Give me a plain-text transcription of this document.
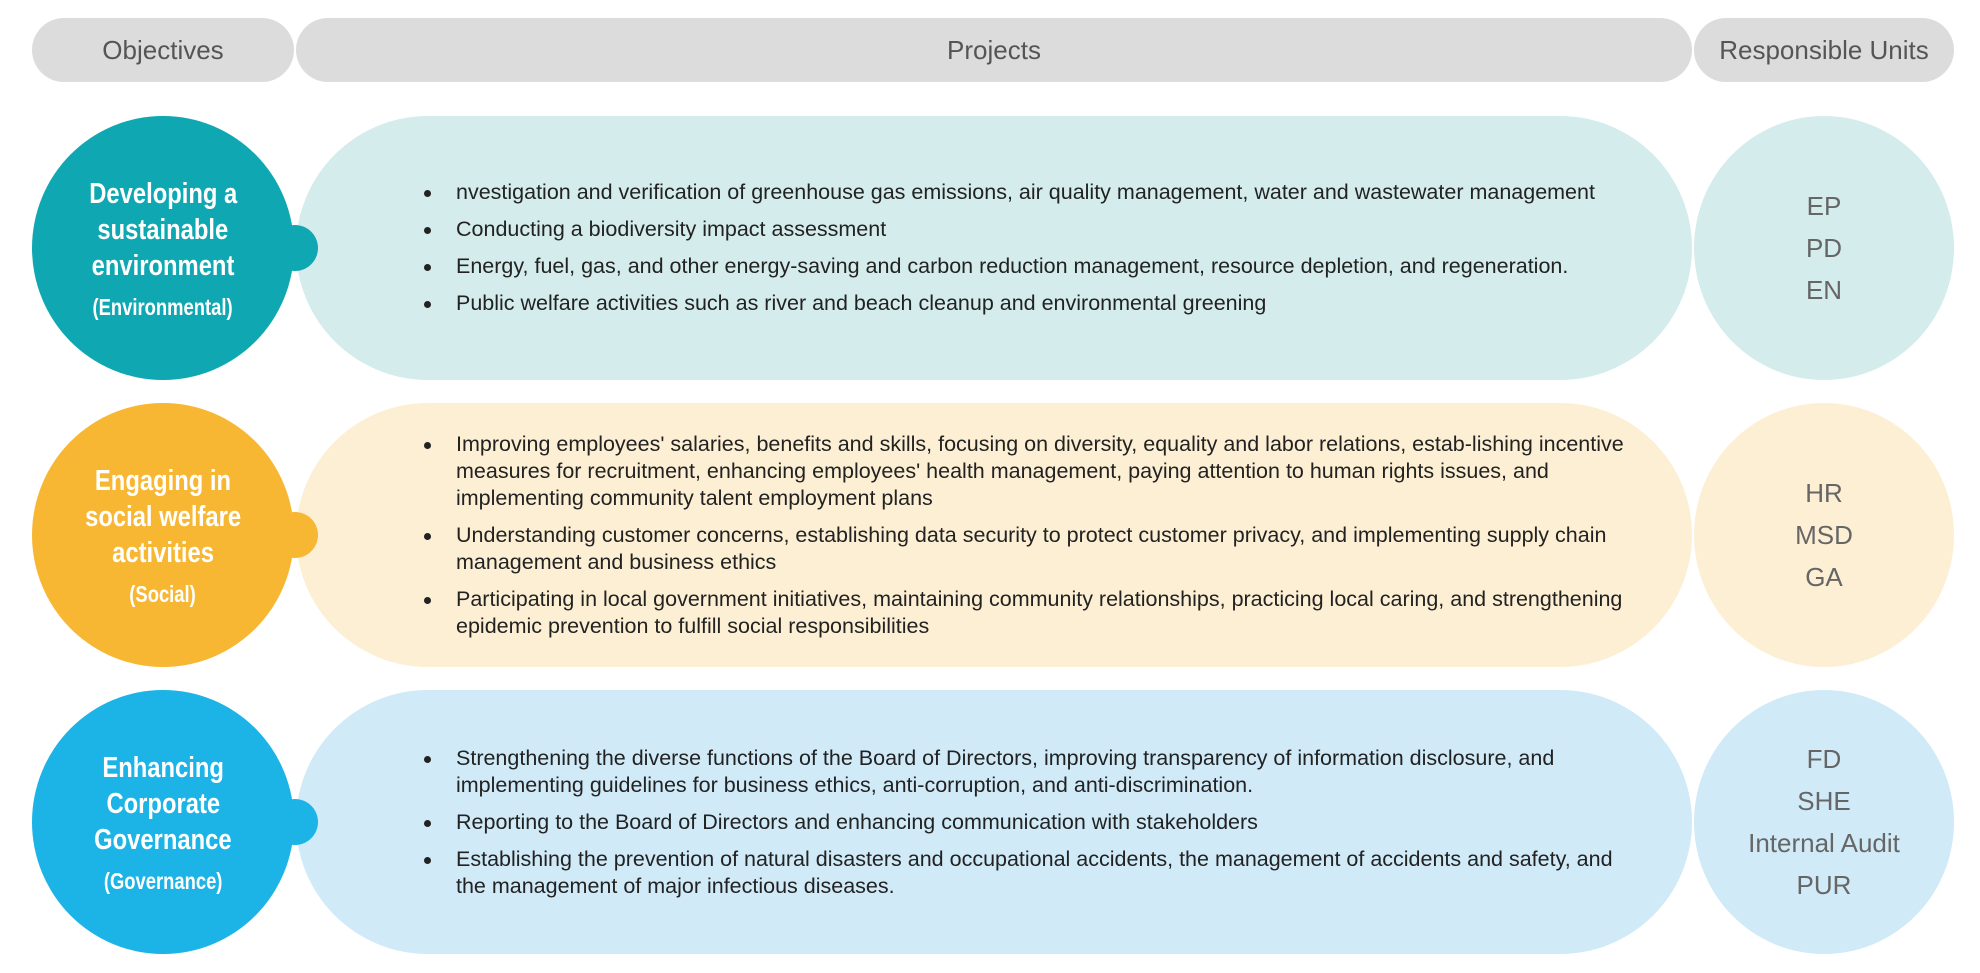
Objectives	Projects	Responsible Units
Developing a
sustainable
environment
(Environmental)
nvestigation and verification of greenhouse gas emissions, air quality management, water and wastewater management
Conducting a biodiversity impact assessment
Energy, fuel, gas, and other energy-saving and carbon reduction management, resource depletion, and regeneration.
Public welfare activities such as river and beach cleanup and environmental greening
EP
PD
EN
Engaging in
social welfare
activities
(Social)
Improving employees' salaries, benefits and skills, focusing on diversity, equality and labor relations, estab-lishing incentive measures for recruitment, enhancing employees' health management, paying attention to human rights issues, and implementing community talent employment plans
Understanding customer concerns, establishing data security to protect customer privacy, and implementing supply chain management and business ethics
Participating in local government initiatives, maintaining community relationships, practicing local caring, and strengthening epidemic prevention to fulfill social responsibilities
HR
MSD
GA
Enhancing
Corporate
Governance
(Governance)
Strengthening the diverse functions of the Board of Directors, improving transparency of information disclosure, and implementing guidelines for business ethics, anti-corruption, and anti-discrimination.
Reporting to the Board of Directors and enhancing communication with stakeholders
Establishing the prevention of natural disasters and occupational accidents, the management of accidents and safety, and the management of major infectious diseases.
FD
SHE
Internal Audit
PUR
